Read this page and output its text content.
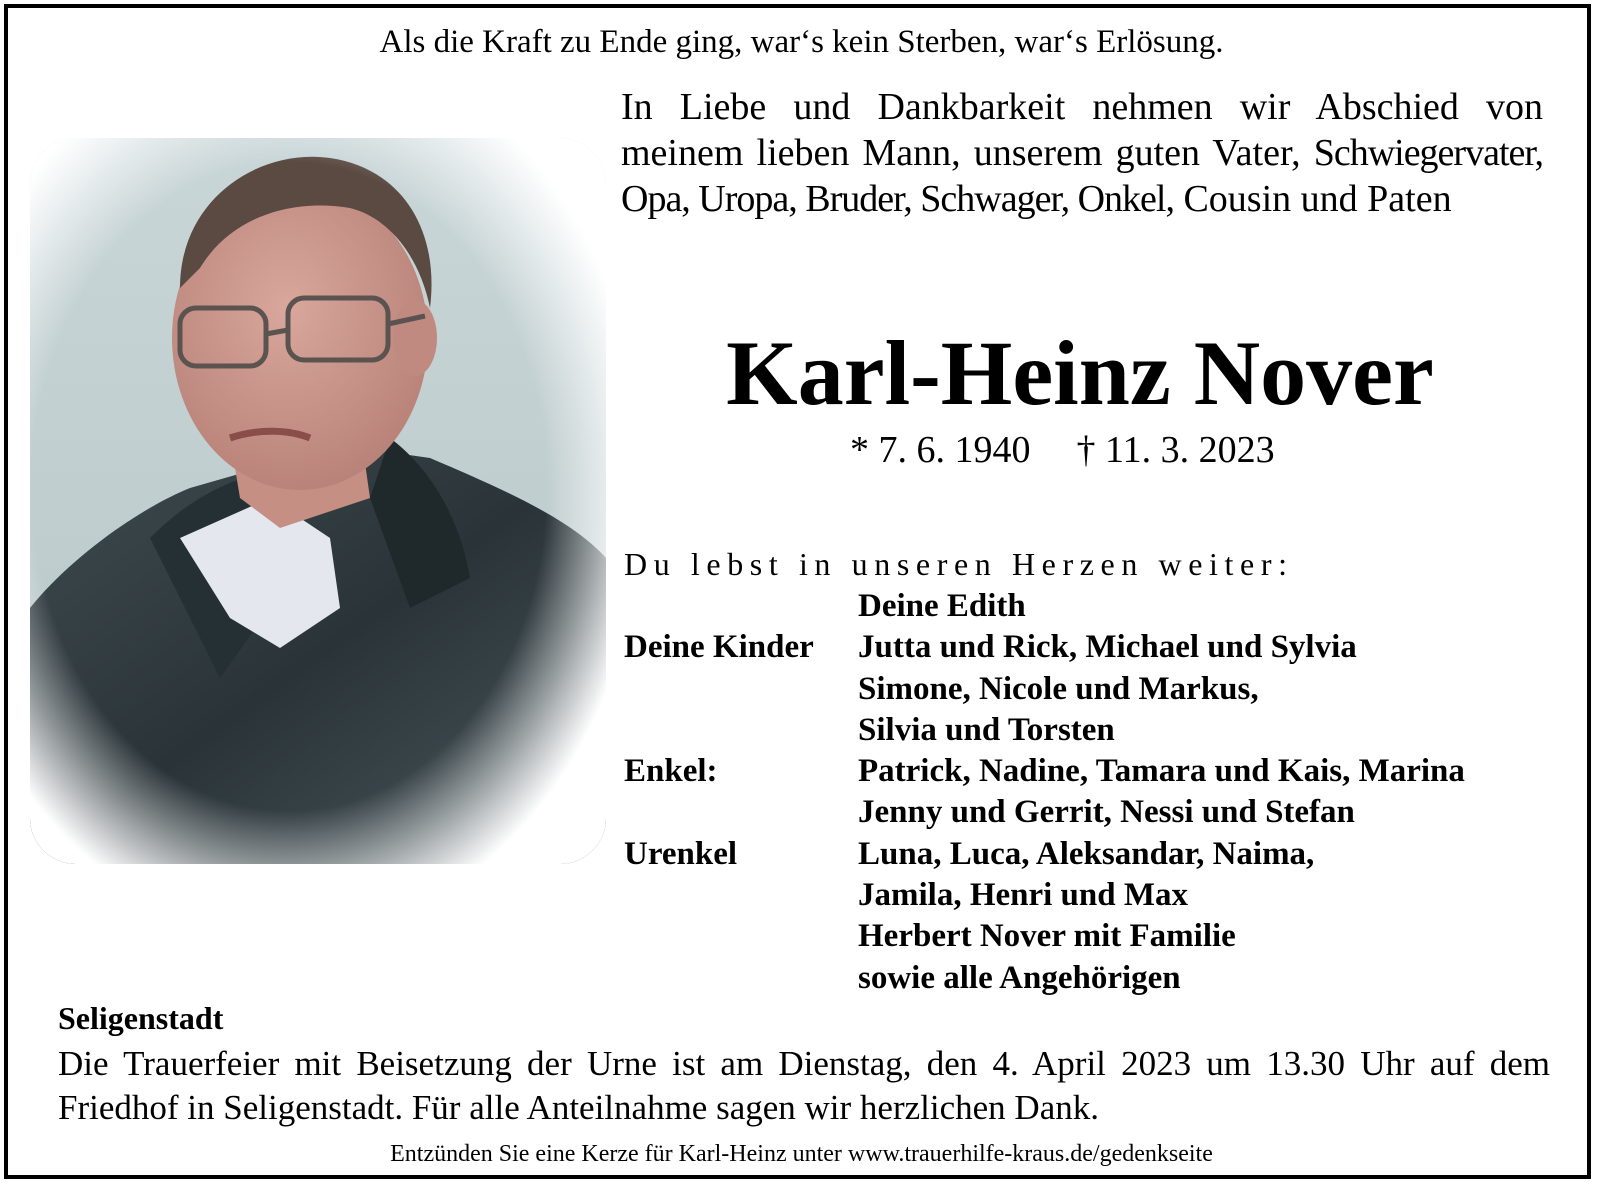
Als die Kraft zu Ende ging, war‘s kein Sterben, war‘s Erlösung.
In Liebe und Dankbarkeit nehmen wir Abschied von meinem lieben Mann, unserem guten Vater, Schwiegervater, Opa, Uropa, Bruder, Schwager, Onkel, Cousin und Paten
Karl-Heinz Nover
* 7. 6. 1940 † 11. 3. 2023
Du lebst in unseren Herzen weiter:
Deine Edith
Deine Kinder	Jutta und Rick, Michael und Sylvia
Simone, Nicole und Markus,
Silvia und Torsten
Enkel:	Patrick, Nadine, Tamara und Kais, Marina
Jenny und Gerrit, Nessi und Stefan
Urenkel	Luna, Luca, Aleksandar, Naima,
Jamila, Henri und Max
Herbert Nover mit Familie
sowie alle Angehörigen
Seligenstadt
Die Trauerfeier mit Beisetzung der Urne ist am Dienstag, den 4. April 2023 um 13.30 Uhr auf dem Friedhof in Seligenstadt. Für alle Anteilnahme sagen wir herzlichen Dank.
Entzünden Sie eine Kerze für Karl-Heinz unter www.trauerhilfe-kraus.de/gedenkseite
